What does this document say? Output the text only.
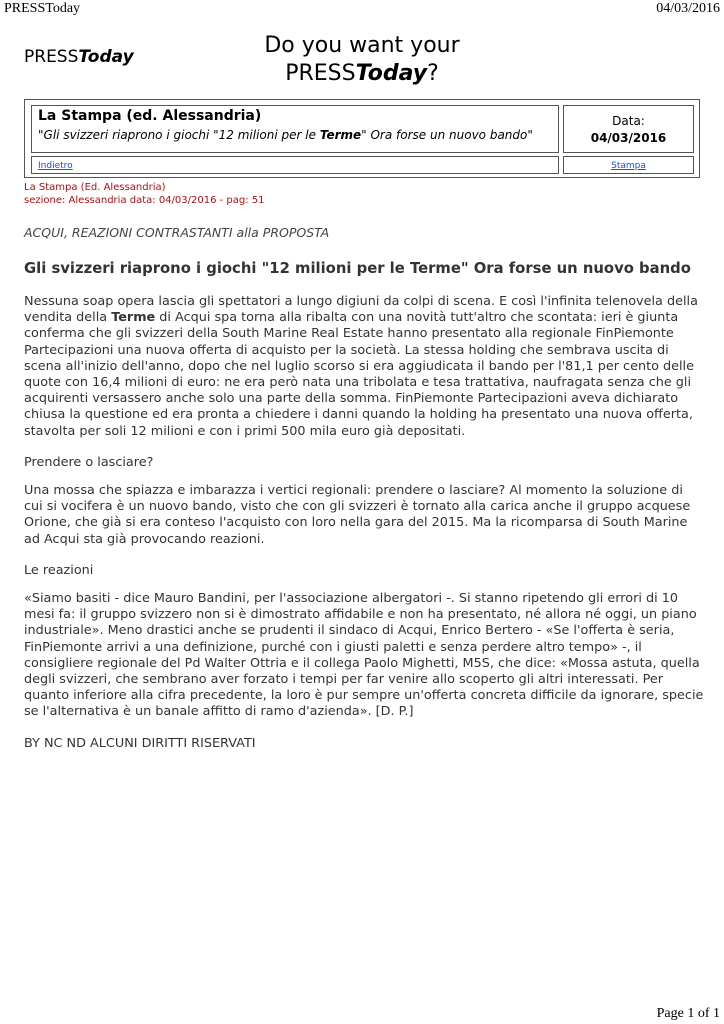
PRESSToday	04/03/2016
PRESSToday	Do you want your
PRESSToday?
La Stampa (ed. Alessandria)
"Gli svizzeri riaprono i giochi "12 milioni per le Terme" Ora forse un nuovo bando"
Data:
04/03/2016
Indietro	Stampa
La Stampa (Ed. Alessandria)
sezione: Alessandria data: 04/03/2016 - pag: 51
ACQUI, REAZIONI CONTRASTANTI alla PROPOSTA
Gli svizzeri riaprono i giochi "12 milioni per le Terme" Ora forse un nuovo bando

Nessuna soap opera lascia gli spettatori a lungo digiuni da colpi di scena. E così l'infinita telenovela della vendita della Terme di Acqui spa torna alla ribalta con una novità tutt'altro che scontata: ieri è giunta conferma che gli svizzeri della South Marine Real Estate hanno presentato alla regionale FinPiemonte Partecipazioni una nuova offerta di acquisto per la società. La stessa holding che sembrava uscita di scena all'inizio dell'anno, dopo che nel luglio scorso si era aggiudicata il bando per l'81,1 per cento delle quote con 16,4 milioni di euro: ne era però nata una tribolata e tesa trattativa, naufragata senza che gli acquirenti versassero anche solo una parte della somma. FinPiemonte Partecipazioni aveva dichiarato chiusa la questione ed era pronta a chiedere i danni quando la holding ha presentato una nuova offerta, stavolta per soli 12 milioni e con i primi 500 mila euro già depositati.

Prendere o lasciare?

Una mossa che spiazza e imbarazza i vertici regionali: prendere o lasciare? Al momento la soluzione di cui si vocifera è un nuovo bando, visto che con gli svizzeri è tornato alla carica anche il gruppo acquese Orione, che già si era conteso l'acquisto con loro nella gara del 2015. Ma la ricomparsa di South Marine ad Acqui sta già provocando reazioni.

Le reazioni

«Siamo basiti - dice Mauro Bandini, per l'associazione albergatori -. Si stanno ripetendo gli errori di 10 mesi fa: il gruppo svizzero non si è dimostrato affidabile e non ha presentato, né allora né oggi, un piano industriale». Meno drastici anche se prudenti il sindaco di Acqui, Enrico Bertero - «Se l'offerta è seria, FinPiemonte arrivi a una definizione, purché con i giusti paletti e senza perdere altro tempo» -, il consigliere regionale del Pd Walter Ottria e il collega Paolo Mighetti, M5S, che dice: «Mossa astuta, quella degli svizzeri, che sembrano aver forzato i tempi per far venire allo scoperto gli altri interessati. Per quanto inferiore alla cifra precedente, la loro è pur sempre un'offerta concreta difficile da ignorare, specie se l'alternativa è un banale affitto di ramo d'azienda». [D. P.]

BY NC ND ALCUNI DIRITTI RISERVATI

Page 1 of 1
